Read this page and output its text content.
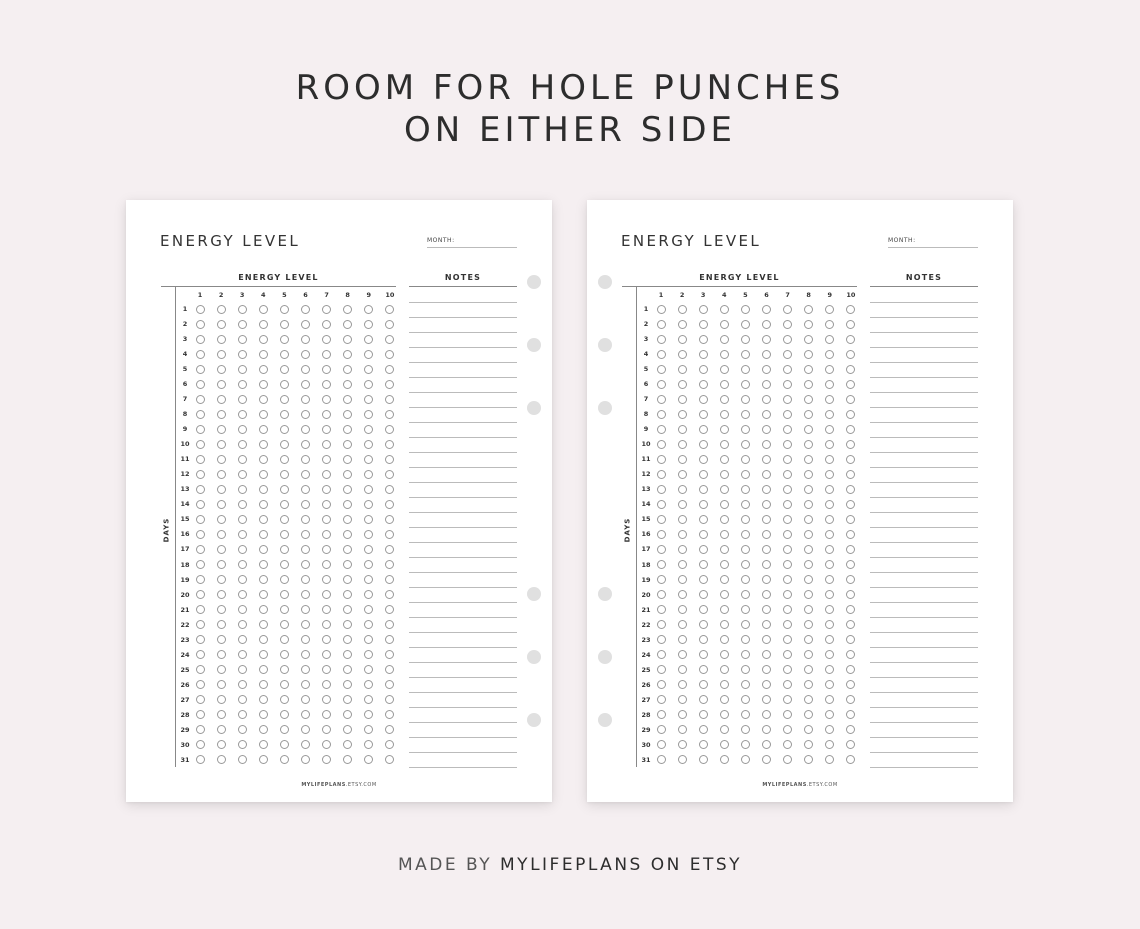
ROOM FOR HOLE PUNCHES
ON EITHER SIDE
ENERGY LEVEL	MONTH:
ENERGY LEVEL	NOTES
DAYS
1	2	3	4	5	6	7	8	9	10
1
2
3
4
5
6
7
8
9
10
11
12
13
14
15
16
17
18
19
20
21
22
23
24
25
26
27
28
29
30
31
MYLIFEPLANS.ETSY.COM
ENERGY LEVEL	MONTH:
ENERGY LEVEL	NOTES
DAYS
1	2	3	4	5	6	7	8	9	10
1
2
3
4
5
6
7
8
9
10
11
12
13
14
15
16
17
18
19
20
21
22
23
24
25
26
27
28
29
30
31
MYLIFEPLANS.ETSY.COM
MADE BY MYLIFEPLANS ON ETSY
